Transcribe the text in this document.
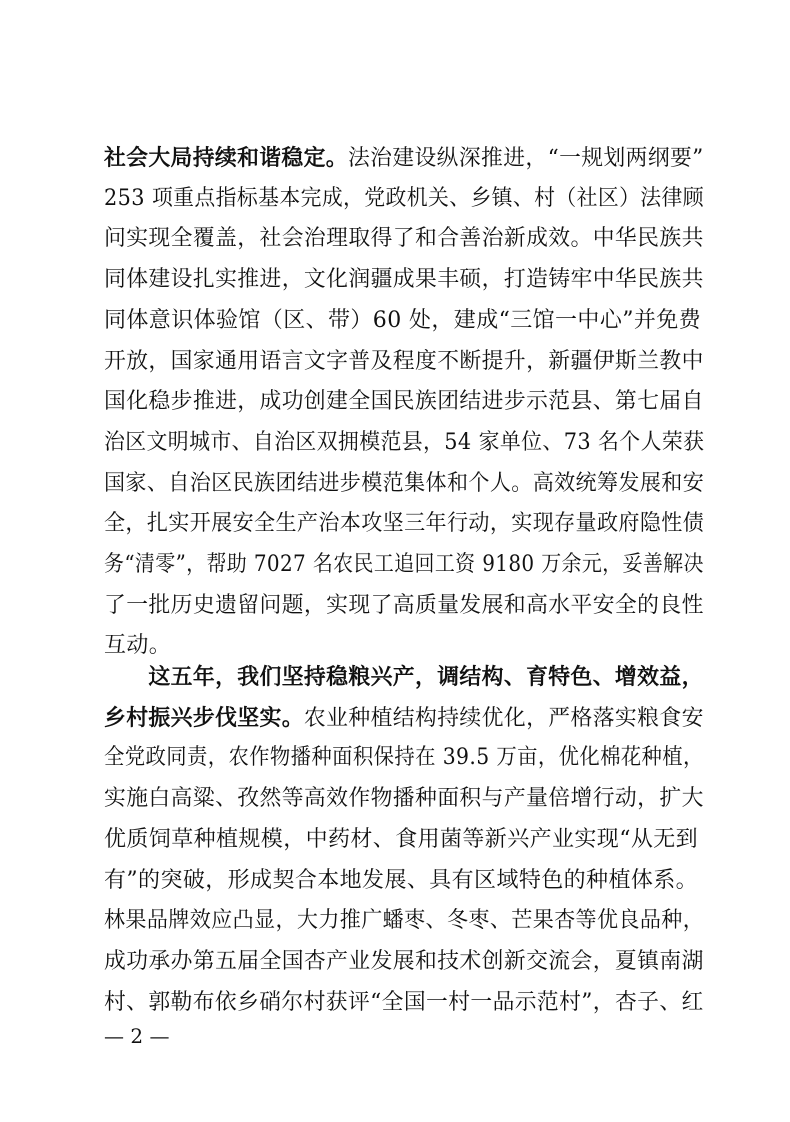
社会大局持续和谐稳定。法治建设纵深推进，“一规划两纲要”
253 项重点指标基本完成，党政机关、乡镇、村（社区）法律顾
问实现全覆盖，社会治理取得了和合善治新成效。中华民族共
同体建设扎实推进，文化润疆成果丰硕，打造铸牢中华民族共
同体意识体验馆（区、带）60 处，建成“三馆一中心”并免费
开放，国家通用语言文字普及程度不断提升，新疆伊斯兰教中
国化稳步推进，成功创建全国民族团结进步示范县、第七届自
治区文明城市、自治区双拥模范县，54 家单位、73 名个人荣获
国家、自治区民族团结进步模范集体和个人。高效统筹发展和安
全，扎实开展安全生产治本攻坚三年行动，实现存量政府隐性债
务“清零”，帮助 7027 名农民工追回工资 9180 万余元，妥善解决
了一批历史遗留问题，实现了高质量发展和高水平安全的良性
互动。
　　这五年，我们坚持稳粮兴产，调结构、育特色、增效益，
乡村振兴步伐坚实。农业种植结构持续优化，严格落实粮食安
全党政同责，农作物播种面积保持在 39.5 万亩，优化棉花种植，
实施白高粱、孜然等高效作物播种面积与产量倍增行动，扩大
优质饲草种植规模，中药材、食用菌等新兴产业实现“从无到
有”的突破，形成契合本地发展、具有区域特色的种植体系。
林果品牌效应凸显，大力推广蟠枣、冬枣、芒果杏等优良品种，
成功承办第五届全国杏产业发展和技术创新交流会，夏镇南湖
村、郭勒布依乡硝尔村获评“全国一村一品示范村”，杏子、红
— 2 —
